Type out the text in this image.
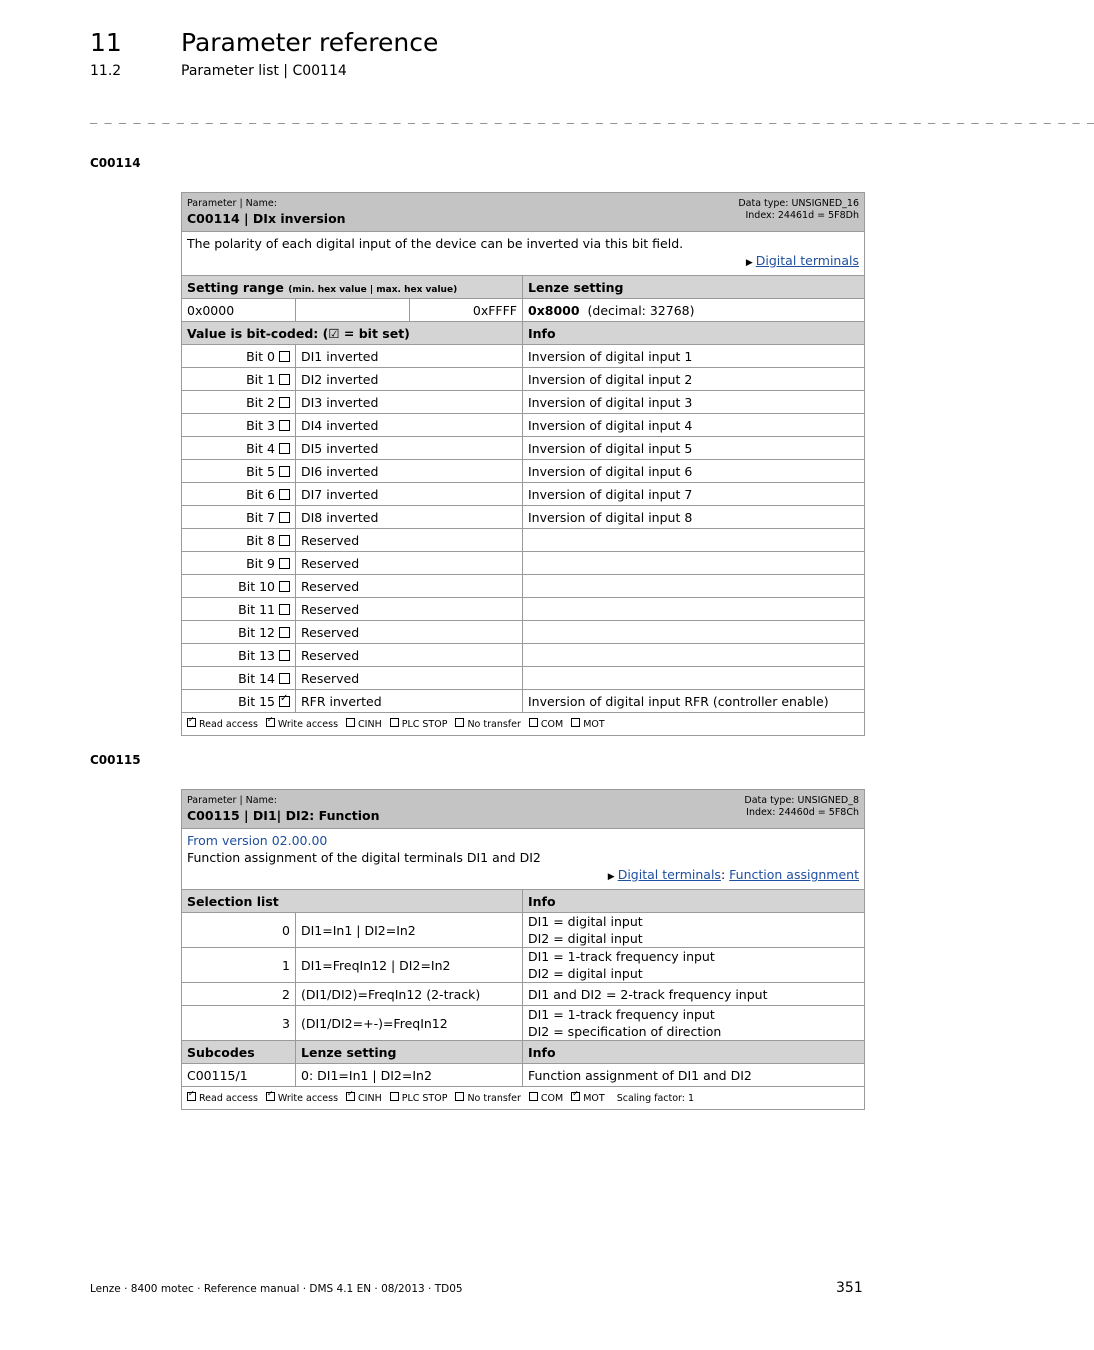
11 Parameter reference
11.2	Parameter list | C00114
_ _ _ _ _ _ _ _ _ _ _ _ _ _ _ _ _ _ _ _ _ _ _ _ _ _ _ _ _ _ _ _ _ _ _ _ _ _ _ _ _ _ _ _ _ _ _ _ _ _ _ _ _ _ _ _ _ _ _ _ _ _ _ _ _ _ _ _ _ _
C00114
Parameter | Name:
C00114 | DIx inversion
Data type: UNSIGNED_16
Index: 24461d = 5F8Dh			

The polarity of each digital input of the device can be inverted via this bit field.
▶ Digital terminals			

Setting range (min. hex value | max. hex value)			Lenze setting
0x0000		0xFFFF	0x8000 (decimal: 32768)
Value is bit-coded: (☑ = bit set)			Info
Bit 0	DI1 inverted		Inversion of digital input 1
Bit 1	DI2 inverted		Inversion of digital input 2
Bit 2	DI3 inverted		Inversion of digital input 3
Bit 3	DI4 inverted		Inversion of digital input 4
Bit 4	DI5 inverted		Inversion of digital input 5
Bit 5	DI6 inverted		Inversion of digital input 6
Bit 6	DI7 inverted		Inversion of digital input 7
Bit 7	DI8 inverted		Inversion of digital input 8
Bit 8	Reserved		
Bit 9	Reserved		
Bit 10	Reserved		
Bit 11	Reserved		
Bit 12	Reserved		
Bit 13	Reserved		
Bit 14	Reserved		
Bit 15✓	RFR inverted		Inversion of digital input RFR (controller enable)
✓Read access ✓ Write access CINH PLC STOP No transfer COM MOT
C00115
Parameter | Name:
C00115 | DI1| DI2: Function
Data type: UNSIGNED_8
Index: 24460d = 5F8Ch		

From version 02.00.00
Function assignment of the digital terminals DI1 and DI2
▶ Digital terminals: Function assignment		

Selection list		Info
0	DI1=In1 | DI2=In2	DI1 = digital input
DI2 = digital input

1	DI1=FreqIn12 | DI2=In2	DI1 = 1-track frequency input
DI2 = digital input

2	(DI1/DI2)=FreqIn12 (2-track)	DI1 and DI2 = 2-track frequency input
3	(DI1/DI2=+-)=FreqIn12	DI1 = 1-track frequency input
DI2 = specification of direction

Subcodes	Lenze setting	Info
C00115/1	0: DI1=In1 | DI2=In2	Function assignment of DI1 and DI2
✓Read access ✓ Write access ✓ CINH PLC STOP No transfer COM ✓ MOT Scaling factor: 1
Lenze · 8400 motec · Reference manual · DMS 4.1 EN · 08/2013 · TD05	351
